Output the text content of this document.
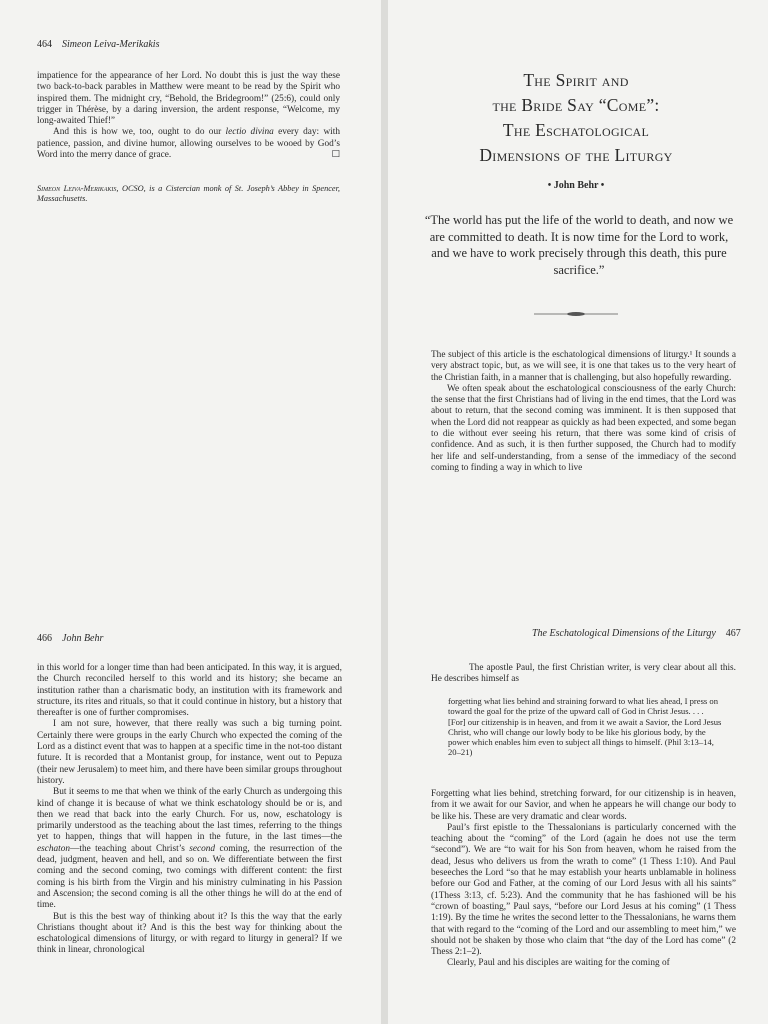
464 Simeon Leiva-Merikakis

impatience for the appearance of her Lord. No doubt this is just the way these two back-to-back parables in Matthew were meant to be read by the Spirit who inspired them. The midnight cry, “Behold, the Bridegroom!” (25:6), could only trigger in Thérèse, by a daring inversion, the ardent response, “Welcome, my long-awaited Thief!”

And this is how we, too, ought to do our lectio divina every day: with patience, passion, and divine humor, allowing ourselves to be wooed by God’s Word into the merry dance of grace.	☐

Simeon Leiva-Merikakis, OCSO, is a Cistercian monk of St. Joseph’s Abbey in Spencer, Massachusetts.
The Spirit and
the Bride Say “Come”:
The Eschatological
Dimensions of the Liturgy
• John Behr •
“The world has put the life of the world to death, and now we are committed to death. It is now time for the Lord to work, and we have to work precisely through this death, this pure sacrifice.”

The subject of this article is the eschatological dimensions of liturgy.¹ It sounds a very abstract topic, but, as we will see, it is one that takes us to the very heart of the Christian faith, in a manner that is challenging, but also hopefully rewarding.

We often speak about the eschatological consciousness of the early Church: the sense that the first Christians had of living in the end times, that the Lord was about to return, that the second coming was imminent. It is then supposed that when the Lord did not reappear as quickly as had been expected, and some began to die without ever seeing his return, that there was some kind of crisis of confidence. And as such, it is then further supposed, the Church had to modify her life and self-understanding, from a sense of the immediacy of the second coming to finding a way in which to live

466 John Behr

in this world for a longer time than had been anticipated. In this way, it is argued, the Church reconciled herself to this world and its history; she became an institution rather than a charismatic body, an institution with its framework and structure, its rites and rituals, so that it could continue in history, but a history that thereafter is one of further compromises.

I am not sure, however, that there really was such a big turning point. Certainly there were groups in the early Church who expected the coming of the Lord as a distinct event that was to happen at a specific time in the not-too distant future. It is recorded that a Montanist group, for instance, went out to Pepuza (their new Jerusalem) to meet him, and there have been similar groups throughout history.

But it seems to me that when we think of the early Church as undergoing this kind of change it is because of what we think eschatology should be or is, and then we read that back into the early Church. For us, now, eschatology is primarily understood as the teaching about the last times, referring to the things yet to happen, things that will happen in the future, in the last times—the eschaton—the teaching about Christ’s second coming, the resurrection of the dead, judgment, heaven and hell, and so on. We differentiate between the first coming and the second coming, two comings with different content: the first coming is his birth from the Virgin and his ministry culminating in his Passion and Ascension; the second coming is all the other things he will do at the end of time.

But is this the best way of thinking about it? Is this the way that the early Christians thought about it? And is this the best way for thinking about the eschatological dimensions of liturgy, or with regard to liturgy in general? If we think in linear, chronological

The Eschatological Dimensions of the Liturgy 467

The apostle Paul, the first Christian writer, is very clear about all this. He describes himself as

forgetting what lies behind and straining forward to what lies ahead, I press on toward the goal for the prize of the upward call of God in Christ Jesus. . . . [For] our citizenship is in heaven, and from it we await a Savior, the Lord Jesus Christ, who will change our lowly body to be like his glorious body, by the power which enables him even to subject all things to himself. (Phil 3:13–14, 20–21)

Forgetting what lies behind, stretching forward, for our citizenship is in heaven, from it we await for our Savior, and when he appears he will change our body to be like his. These are very dramatic and clear words.

Paul’s first epistle to the Thessalonians is particularly concerned with the teaching about the “coming” of the Lord (again he does not use the term “second”). We are “to wait for his Son from heaven, whom he raised from the dead, Jesus who delivers us from the wrath to come” (1 Thess 1:10). And Paul beseeches the Lord “so that he may establish your hearts unblamable in holiness before our God and Father, at the coming of our Lord Jesus with all his saints” (1Thess 3:13, cf. 5:23). And the community that he has fashioned will be his “crown of boasting,” Paul says, “before our Lord Jesus at his coming” (1 Thess 1:19). By the time he writes the second letter to the Thessalonians, he warns them that with regard to the “coming of the Lord and our assembling to meet him,” we should not be shaken by those who claim that “the day of the Lord has come” (2 Thess 2:1–2).

Clearly, Paul and his disciples are waiting for the coming of
